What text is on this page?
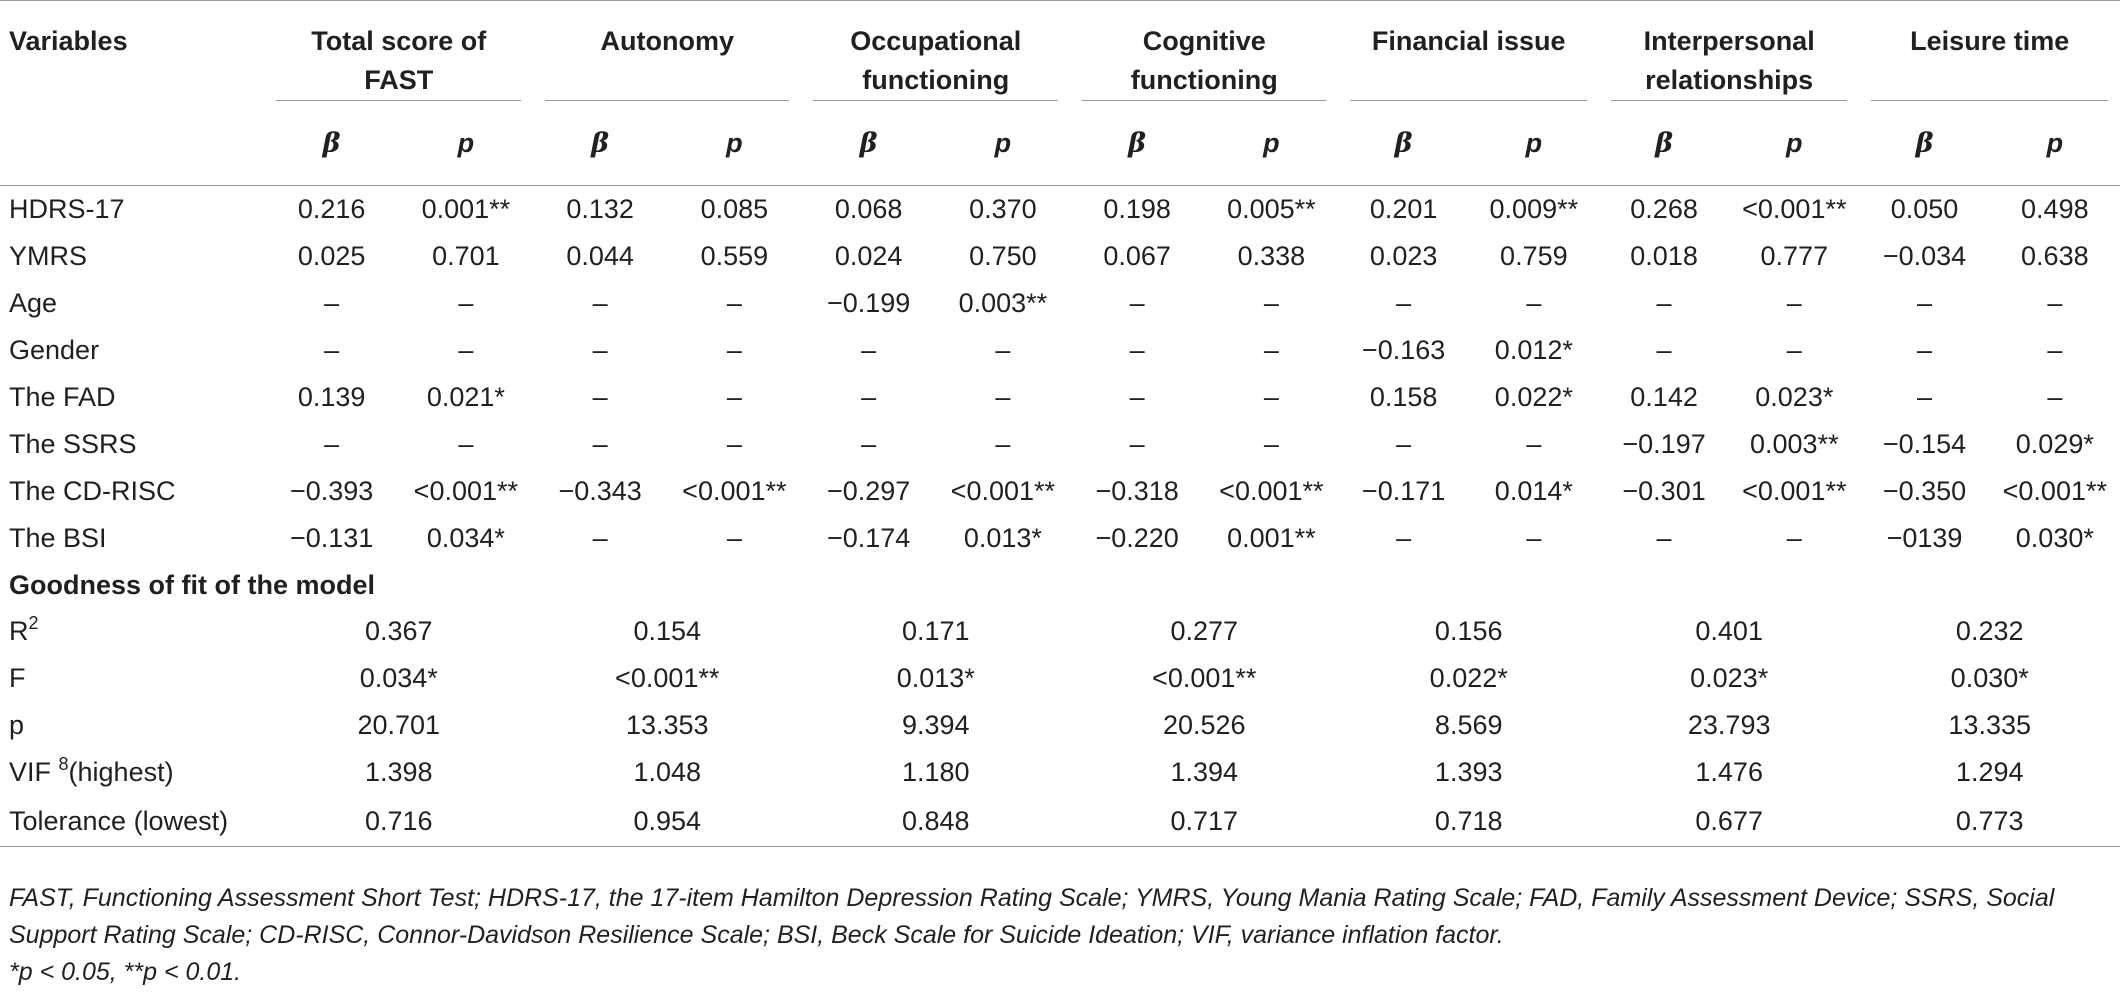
Variables	Total score of FAST		Autonomy		Occupational functioning		Cognitive functioning		Financial issue		Interpersonal relationships		Leisure time	

	β	p	β	p	β	p	β	p	β	p	β	p	β	p
HDRS-17	0.216	0.001**	0.132	0.085	0.068	0.370	0.198	0.005**	0.201	0.009**	0.268	<0.001**	0.050	0.498
YMRS	0.025	0.701	0.044	0.559	0.024	0.750	0.067	0.338	0.023	0.759	0.018	0.777	−0.034	0.638
Age	–	–	–	–	−0.199	0.003**	–	–	–	–	–	–	–	–
Gender	–	–	–	–	–	–	–	–	−0.163	0.012*	–	–	–	–
The FAD	0.139	0.021*	–	–	–	–	–	–	0.158	0.022*	0.142	0.023*	–	–
The SSRS	–	–	–	–	–	–	–	–	–	–	−0.197	0.003**	−0.154	0.029*
The CD-RISC	−0.393	<0.001**	−0.343	<0.001**	−0.297	<0.001**	−0.318	<0.001**	−0.171	0.014*	−0.301	<0.001**	−0.350	<0.001**
The BSI	−0.131	0.034*	–	–	−0.174	0.013*	−0.220	0.001**	–	–	–	–	−0139	0.030*
Goodness of fit of the model														
$R^2$	0.367		0.154		0.171		0.277		0.156		0.401		0.232	
F	0.034*		<0.001**		0.013*		<0.001**		0.022*		0.023*		0.030*	
p	20.701		13.353		9.394		20.526		8.569		23.793		13.335	
VIF $^8$(highest)	1.398		1.048		1.180		1.394		1.393		1.476		1.294	
Tolerance (lowest)	0.716		0.954		0.848		0.717		0.718		0.677		0.773	

FAST, Functioning Assessment Short Test; HDRS-17, the 17-item Hamilton Depression Rating Scale; YMRS, Young Mania Rating Scale; FAD, Family Assessment Device; SSRS, Social Support Rating Scale; CD-RISC, Connor-Davidson Resilience Scale; BSI, Beck Scale for Suicide Ideation; VIF, variance inflation factor.

*p < 0.05, **p < 0.01.
